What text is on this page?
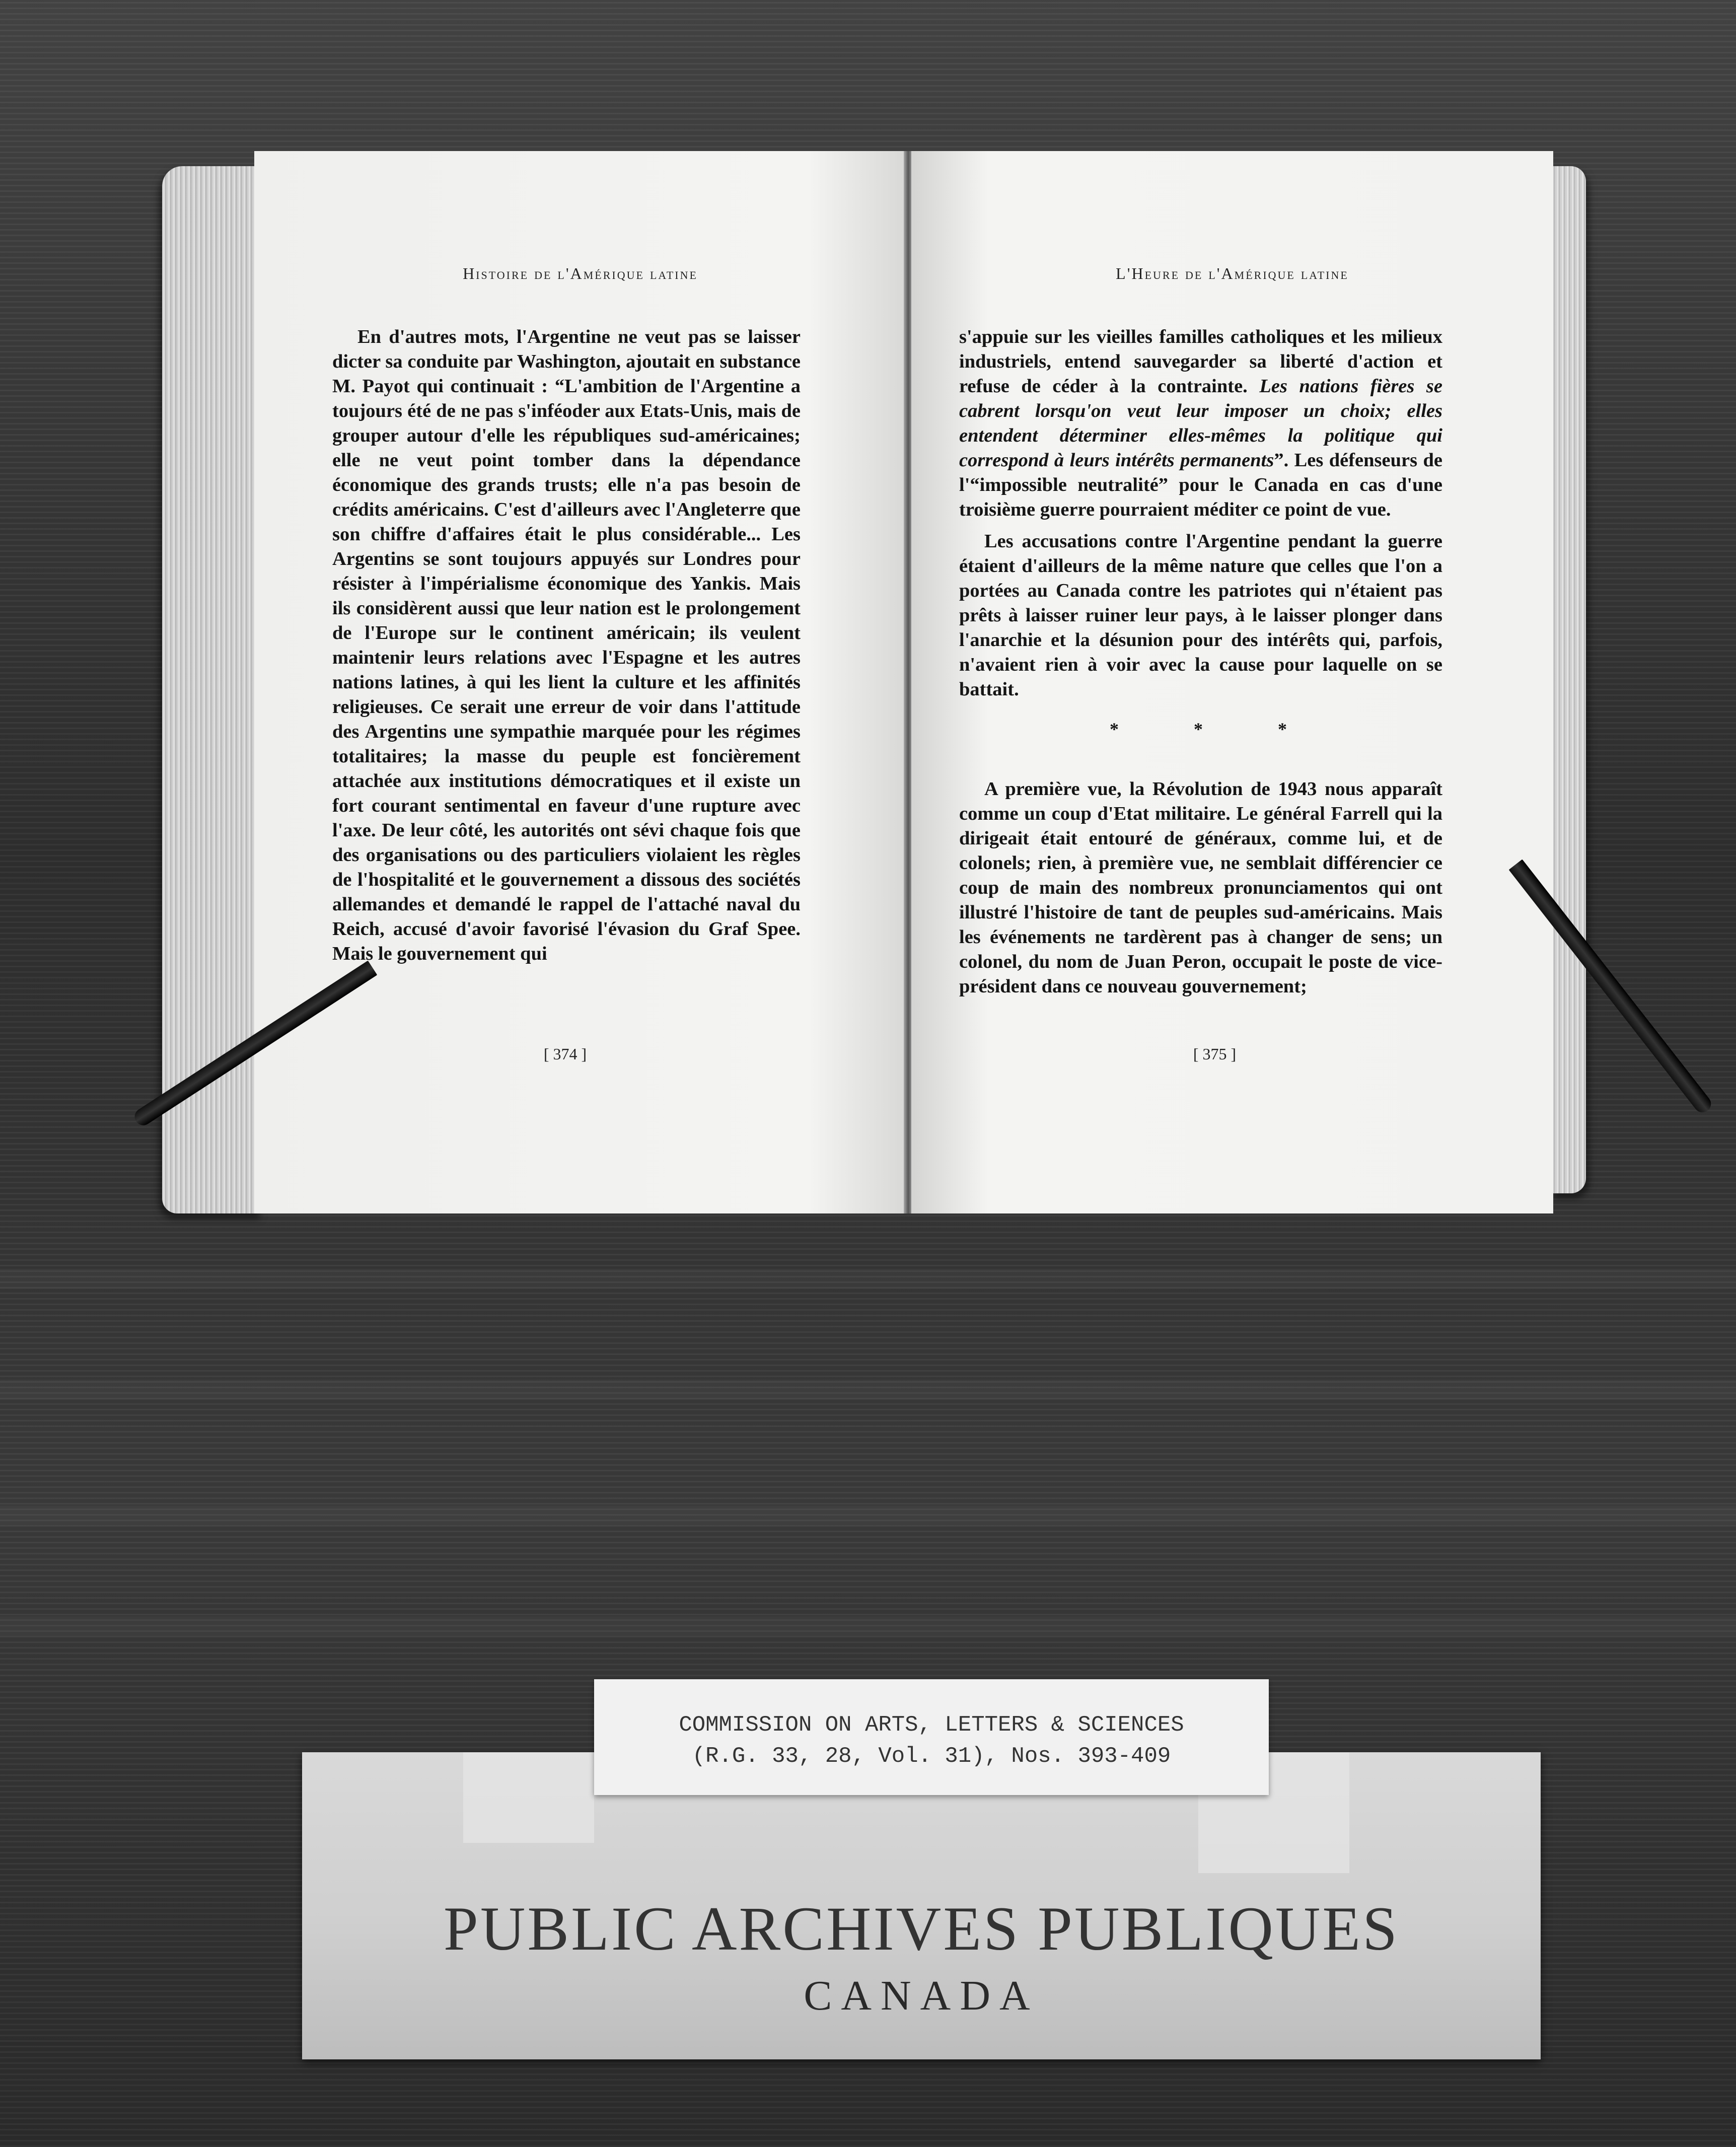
Histoire de l'Amérique latine

En d'autres mots, l'Argentine ne veut pas se laisser dicter sa conduite par Washington, ajoutait en substance M. Payot qui continuait : “L'ambition de l'Argentine a toujours été de ne pas s'inféoder aux Etats-Unis, mais de grouper autour d'elle les républiques sud-américaines; elle ne veut point tomber dans la dépendance économique des grands trusts; elle n'a pas besoin de crédits américains. C'est d'ailleurs avec l'Angleterre que son chiffre d'affaires était le plus considérable... Les Argentins se sont toujours appuyés sur Londres pour résister à l'impérialisme économique des Yankis. Mais ils considèrent aussi que leur nation est le prolongement de l'Europe sur le continent américain; ils veulent maintenir leurs relations avec l'Espagne et les autres nations latines, à qui les lient la culture et les affinités religieuses. Ce serait une erreur de voir dans l'attitude des Argentins une sympathie marquée pour les régimes totalitaires; la masse du peuple est foncièrement attachée aux institutions démocratiques et il existe un fort courant sentimental en faveur d'une rupture avec l'axe. De leur côté, les autorités ont sévi chaque fois que des organisations ou des particuliers violaient les règles de l'hospitalité et le gouvernement a dissous des sociétés allemandes et demandé le rappel de l'attaché naval du Reich, accusé d'avoir favorisé l'évasion du Graf Spee. Mais le gouvernement qui

[ 374 ]
L'Heure de l'Amérique latine

s'appuie sur les vieilles familles catholiques et les milieux industriels, entend sauvegarder sa liberté d'action et refuse de céder à la contrainte. Les nations fières se cabrent lorsqu'on veut leur imposer un choix; elles entendent déterminer elles-mêmes la politique qui correspond à leurs intérêts permanents”. Les défenseurs de l'“impossible neutralité” pour le Canada en cas d'une troisième guerre pourraient méditer ce point de vue.

Les accusations contre l'Argentine pendant la guerre étaient d'ailleurs de la même nature que celles que l'on a portées au Canada contre les patriotes qui n'étaient pas prêts à laisser ruiner leur pays, à le laisser plonger dans l'anarchie et la désunion pour des intérêts qui, parfois, n'avaient rien à voir avec la cause pour laquelle on se battait.

* * *

A première vue, la Révolution de 1943 nous apparaît comme un coup d'Etat militaire. Le général Farrell qui la dirigeait était entouré de généraux, comme lui, et de colonels; rien, à première vue, ne semblait différencier ce coup de main des nombreux pronunciamentos qui ont illustré l'histoire de tant de peuples sud-américains. Mais les événements ne tardèrent pas à changer de sens; un colonel, du nom de Juan Peron, occupait le poste de vice-président dans ce nouveau gouvernement;

[ 375 ]
PUBLIC ARCHIVES PUBLIQUES
CANADA
COMMISSION ON ARTS, LETTERS & SCIENCES
(R.G. 33, 28, Vol. 31), Nos. 393-409
